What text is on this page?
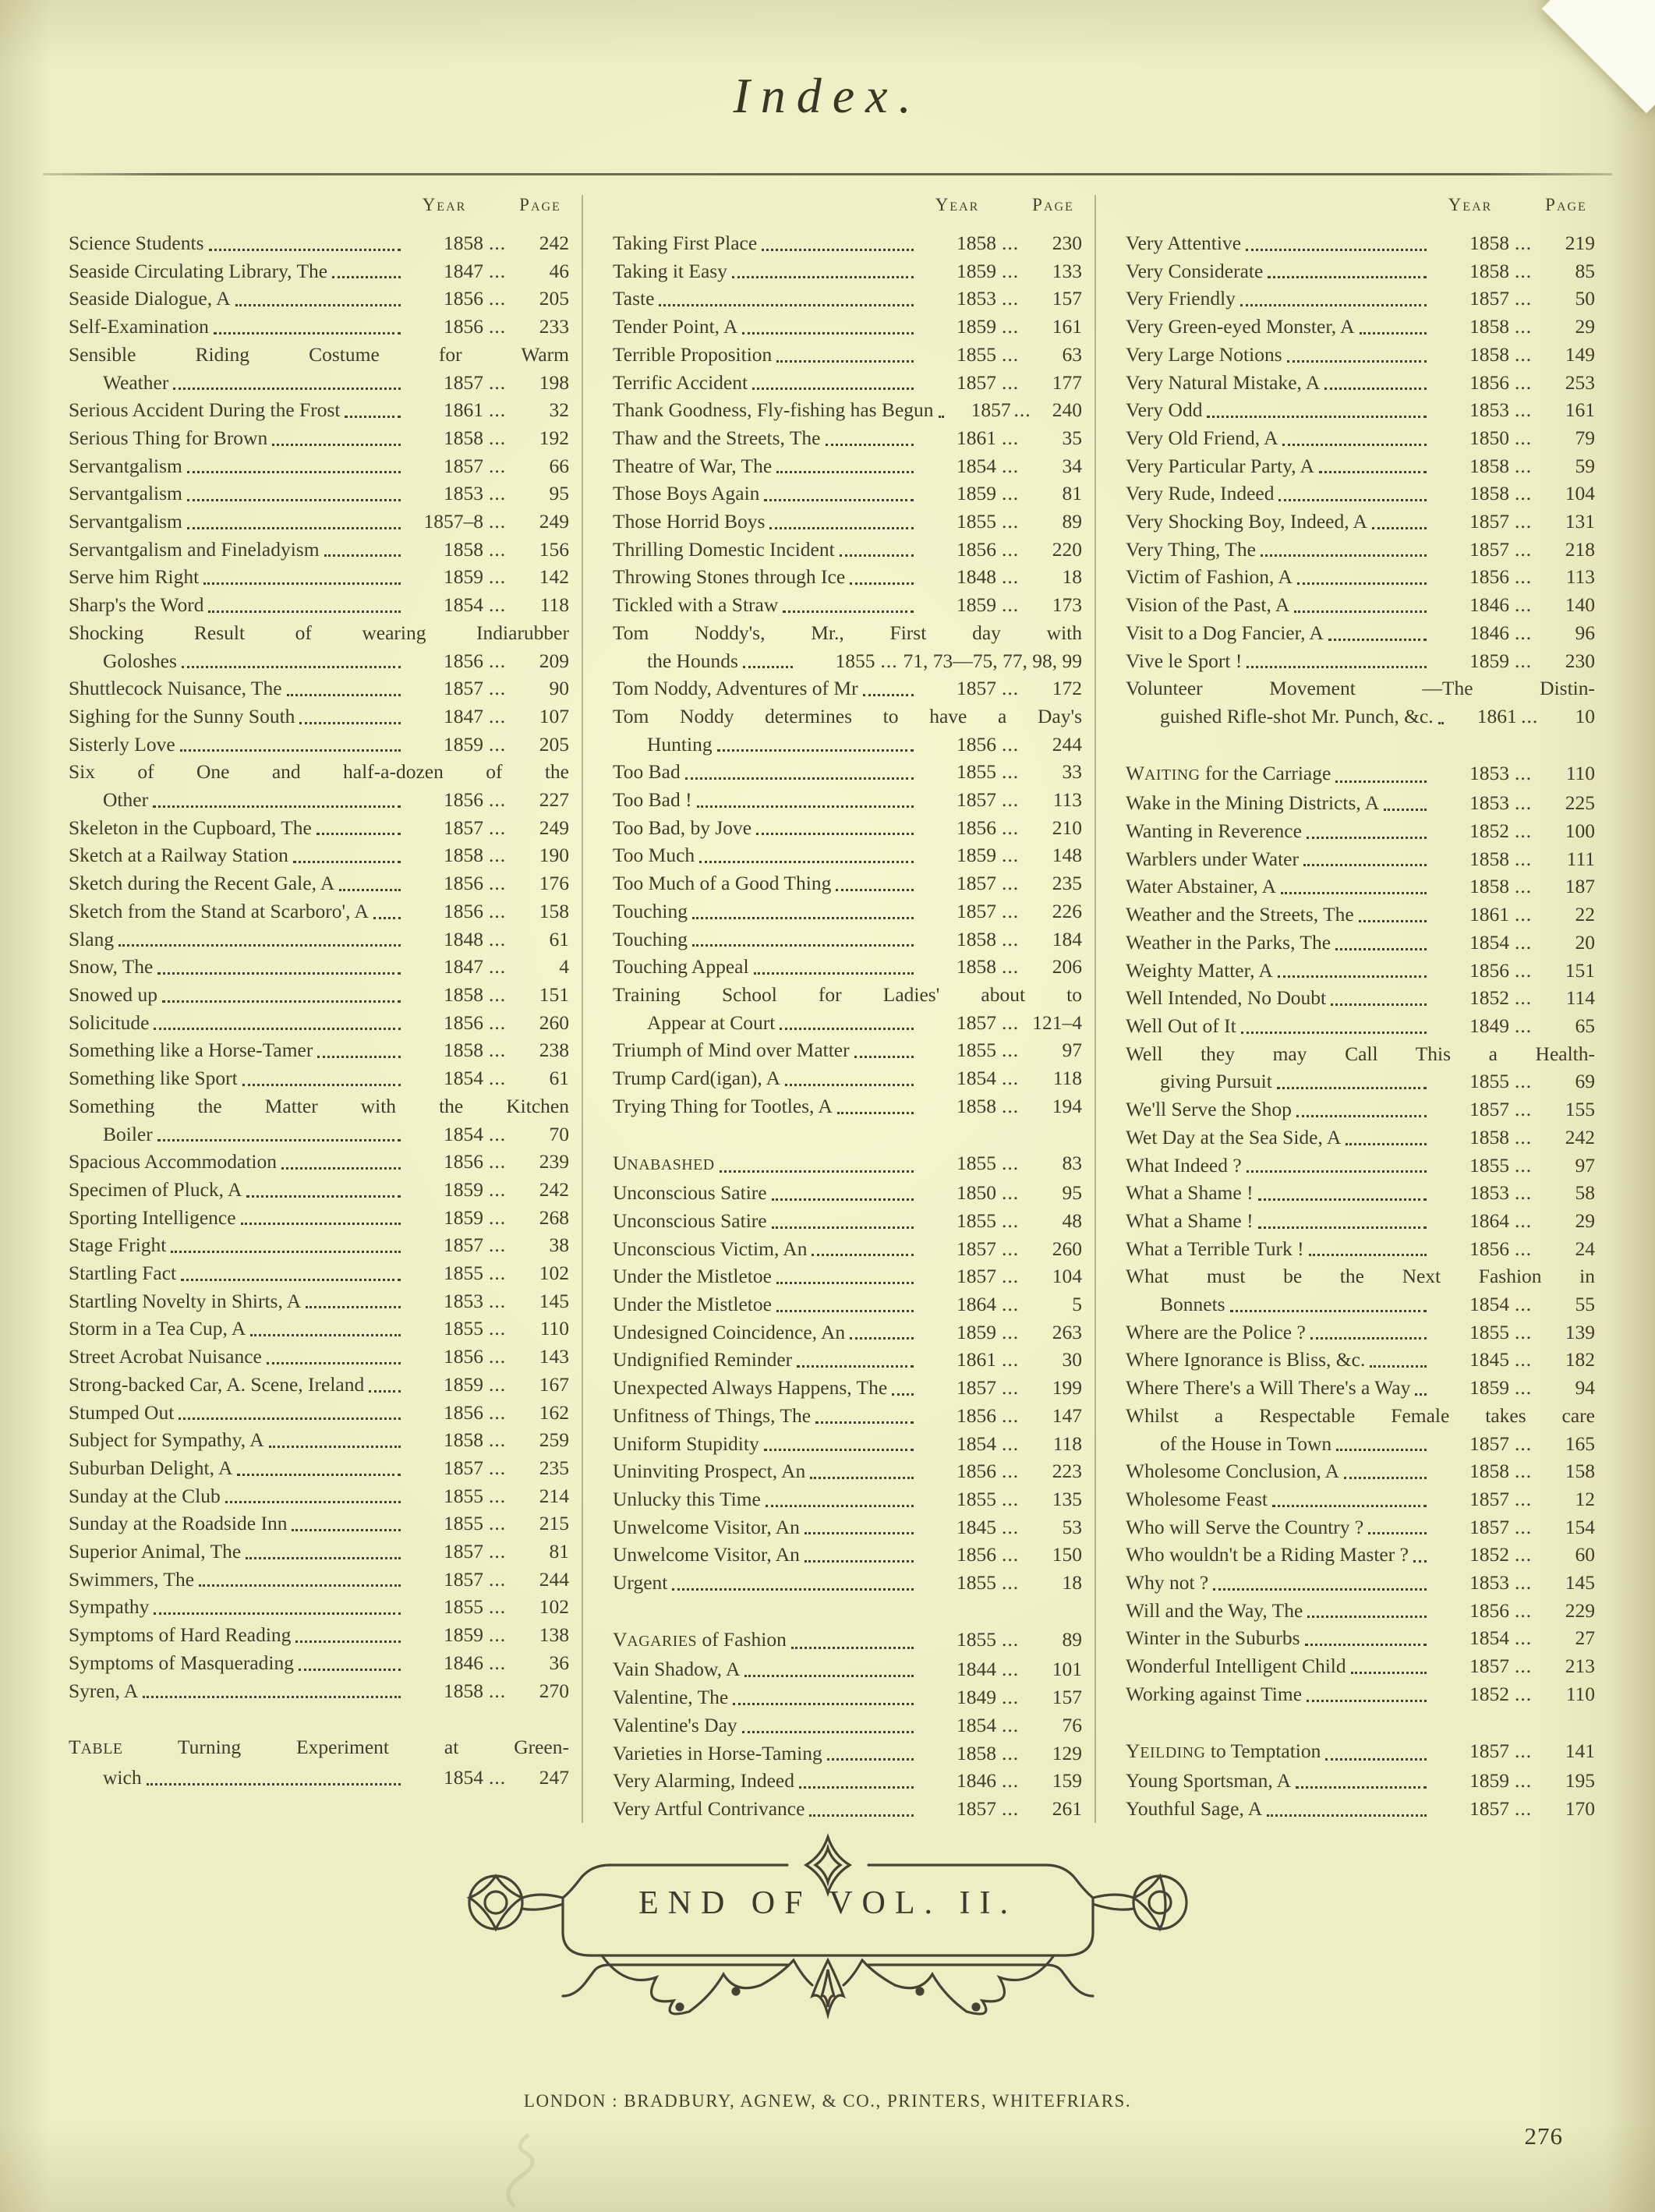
Index.
Year	Page
Science Students	1858 ...	242
Seaside Circulating Library, The	1847 ...	46
Seaside Dialogue, A	1856 ...	205
Self-Examination	1856 ...	233
Sensible Riding Costume for Warm
Weather	1857 ...	198
Serious Accident During the Frost	1861 ...	32
Serious Thing for Brown	1858 ...	192
Servantgalism	1857 ...	66
Servantgalism	1853 ...	95
Servantgalism	1857–8 ...	249
Servantgalism and Fineladyism	1858 ...	156
Serve him Right	1859 ...	142
Sharp's the Word	1854 ...	118
Shocking Result of wearing Indiarubber
Goloshes	1856 ...	209
Shuttlecock Nuisance, The	1857 ...	90
Sighing for the Sunny South	1847 ...	107
Sisterly Love	1859 ...	205
Six of One and half-a-dozen of the
Other	1856 ...	227
Skeleton in the Cupboard, The	1857 ...	249
Sketch at a Railway Station	1858 ...	190
Sketch during the Recent Gale, A	1856 ...	176
Sketch from the Stand at Scarboro', A	1856 ...	158
Slang	1848 ...	61
Snow, The	1847 ...	4
Snowed up	1858 ...	151
Solicitude	1856 ...	260
Something like a Horse-Tamer	1858 ...	238
Something like Sport	1854 ...	61
Something the Matter with the Kitchen
Boiler	1854 ...	70
Spacious Accommodation	1856 ...	239
Specimen of Pluck, A	1859 ...	242
Sporting Intelligence	1859 ...	268
Stage Fright	1857 ...	38
Startling Fact	1855 ...	102
Startling Novelty in Shirts, A	1853 ...	145
Storm in a Tea Cup, A	1855 ...	110
Street Acrobat Nuisance	1856 ...	143
Strong-backed Car, A. Scene, Ireland	1859 ...	167
Stumped Out	1856 ...	162
Subject for Sympathy, A	1858 ...	259
Suburban Delight, A	1857 ...	235
Sunday at the Club	1855 ...	214
Sunday at the Roadside Inn	1855 ...	215
Superior Animal, The	1857 ...	81
Swimmers, The	1857 ...	244
Sympathy	1855 ...	102
Symptoms of Hard Reading	1859 ...	138
Symptoms of Masquerading	1846 ...	36
Syren, A	1858 ...	270
TABLE Turning Experiment at Green-
wich	1854 ...	247
Year	Page
Taking First Place	1858 ...	230
Taking it Easy	1859 ...	133
Taste	1853 ...	157
Tender Point, A	1859 ...	161
Terrible Proposition	1855 ...	63
Terrific Accident	1857 ...	177
Thank Goodness, Fly-fishing has Begun	1857 ...	240
Thaw and the Streets, The	1861 ...	35
Theatre of War, The	1854 ...	34
Those Boys Again	1859 ...	81
Those Horrid Boys	1855 ...	89
Thrilling Domestic Incident	1856 ...	220
Throwing Stones through Ice	1848 ...	18
Tickled with a Straw	1859 ...	173
Tom Noddy's, Mr., First day with
the Hounds	1855 ... 71, 73—75, 77, 98, 99
Tom Noddy, Adventures of Mr	1857 ...	172
Tom Noddy determines to have a Day's
Hunting	1856 ...	244
Too Bad	1855 ...	33
Too Bad !	1857 ...	113
Too Bad, by Jove	1856 ...	210
Too Much	1859 ...	148
Too Much of a Good Thing	1857 ...	235
Touching	1857 ...	226
Touching	1858 ...	184
Touching Appeal	1858 ...	206
Training School for Ladies' about to
Appear at Court	1857 ... 121–4
Triumph of Mind over Matter	1855 ...	97
Trump Card(igan), A	1854 ...	118
Trying Thing for Tootles, A	1858 ...	194
UNABASHED	1855 ...	83
Unconscious Satire	1850 ...	95
Unconscious Satire	1855 ...	48
Unconscious Victim, An	1857 ...	260
Under the Mistletoe	1857 ...	104
Under the Mistletoe	1864 ...	5
Undesigned Coincidence, An	1859 ...	263
Undignified Reminder	1861 ...	30
Unexpected Always Happens, The	1857 ...	199
Unfitness of Things, The	1856 ...	147
Uniform Stupidity	1854 ...	118
Uninviting Prospect, An	1856 ...	223
Unlucky this Time	1855 ...	135
Unwelcome Visitor, An	1845 ...	53
Unwelcome Visitor, An	1856 ...	150
Urgent	1855 ...	18
VAGARIES of Fashion	1855 ...	89
Vain Shadow, A	1844 ...	101
Valentine, The	1849 ...	157
Valentine's Day	1854 ...	76
Varieties in Horse-Taming	1858 ...	129
Very Alarming, Indeed	1846 ...	159
Very Artful Contrivance	1857 ...	261
Year	Page
Very Attentive	1858 ...	219
Very Considerate	1858 ...	85
Very Friendly	1857 ...	50
Very Green-eyed Monster, A	1858 ...	29
Very Large Notions	1858 ...	149
Very Natural Mistake, A	1856 ...	253
Very Odd	1853 ...	161
Very Old Friend, A	1850 ...	79
Very Particular Party, A	1858 ...	59
Very Rude, Indeed	1858 ...	104
Very Shocking Boy, Indeed, A	1857 ...	131
Very Thing, The	1857 ...	218
Victim of Fashion, A	1856 ...	113
Vision of the Past, A	1846 ...	140
Visit to a Dog Fancier, A	1846 ...	96
Vive le Sport !	1859 ...	230
Volunteer Movement —The Distin-
guished Rifle-shot Mr. Punch, &c.	1861 ...	10
WAITING for the Carriage	1853 ...	110
Wake in the Mining Districts, A	1853 ...	225
Wanting in Reverence	1852 ...	100
Warblers under Water	1858 ...	111
Water Abstainer, A	1858 ...	187
Weather and the Streets, The	1861 ...	22
Weather in the Parks, The	1854 ...	20
Weighty Matter, A	1856 ...	151
Well Intended, No Doubt	1852 ...	114
Well Out of It	1849 ...	65
Well they may Call This a Health-
giving Pursuit	1855 ...	69
We'll Serve the Shop	1857 ...	155
Wet Day at the Sea Side, A	1858 ...	242
What Indeed ?	1855 ...	97
What a Shame !	1853 ...	58
What a Shame !	1864 ...	29
What a Terrible Turk !	1856 ...	24
What must be the Next Fashion in
Bonnets	1854 ...	55
Where are the Police ?	1855 ...	139
Where Ignorance is Bliss, &c.	1845 ...	182
Where There's a Will There's a Way	1859 ...	94
Whilst a Respectable Female takes care
of the House in Town	1857 ...	165
Wholesome Conclusion, A	1858 ...	158
Wholesome Feast	1857 ...	12
Who will Serve the Country ?	1857 ...	154
Who wouldn't be a Riding Master ?	1852 ...	60
Why not ?	1853 ...	145
Will and the Way, The	1856 ...	229
Winter in the Suburbs	1854 ...	27
Wonderful Intelligent Child	1857 ...	213
Working against Time	1852 ...	110
YEILDING to Temptation	1857 ...	141
Young Sportsman, A	1859 ...	195
Youthful Sage, A	1857 ...	170
END OF VOL. II.
LONDON : BRADBURY, AGNEW, & CO., PRINTERS, WHITEFRIARS.
276
